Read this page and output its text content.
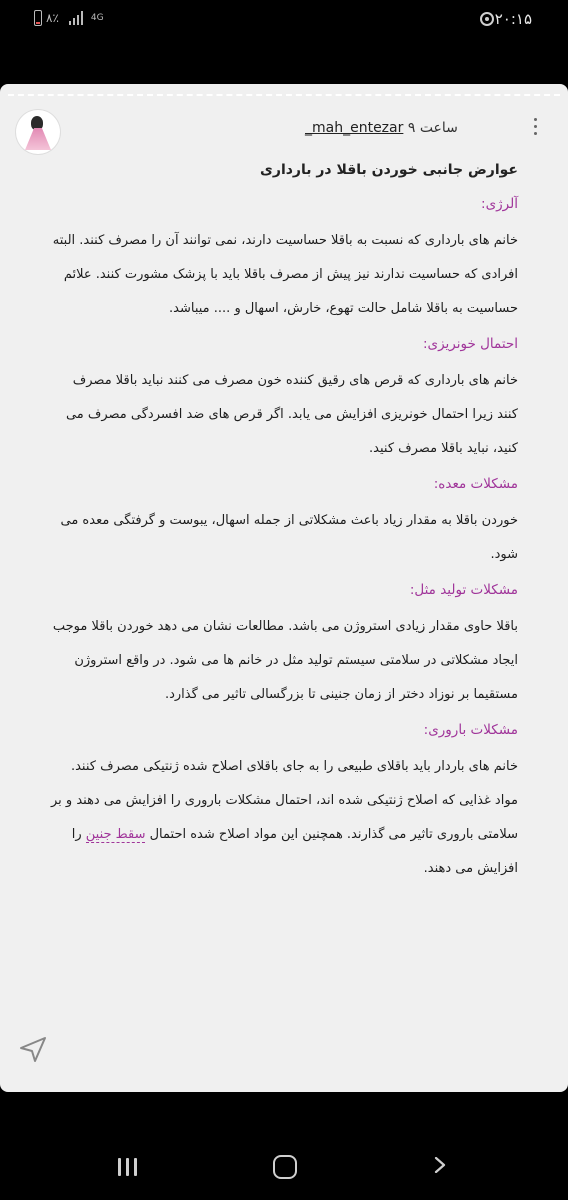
۸٪	4G	۲۰:۱۵
_mah_entezar ۹ ساعت
عوارض جانبی خوردن باقلا در بارداری
آلرژی:
خانم های بارداری که نسبت به باقلا حساسیت دارند، نمی توانند آن را مصرف کنند. البته افرادی که حساسیت ندارند نیز پیش از مصرف باقلا باید با پزشک مشورت کنند. علائم حساسیت به باقلا شامل حالت تهوع، خارش، اسهال و .... میباشد.
احتمال خونریزی:
خانم های بارداری که قرص های رقیق کننده خون مصرف می کنند نباید باقلا مصرف کنند زیرا احتمال خونریزی افزایش می یابد. اگر قرص های ضد افسردگی مصرف می کنید، نباید باقلا مصرف کنید.
مشکلات معده:
خوردن باقلا به مقدار زیاد باعث مشکلاتی از جمله اسهال، یبوست و گرفتگی معده می شود.
مشکلات تولید مثل:
باقلا حاوی مقدار زیادی استروژن می باشد. مطالعات نشان می دهد خوردن باقلا موجب ایجاد مشکلاتی در سلامتی سیستم تولید مثل در خانم ها می شود. در واقع استروژن مستقیما بر نوزاد دختر از زمان جنینی تا بزرگسالی تاثیر می گذارد.
مشکلات باروری:
خانم های باردار باید باقلای طبیعی را به جای باقلای اصلاح شده ژنتیکی مصرف کنند. مواد غذایی که اصلاح ژنتیکی شده اند، احتمال مشکلات باروری را افزایش می دهند و بر سلامتی باروری تاثیر می گذارند. همچنین این مواد اصلاح شده احتمال سقط جنین را افزایش می دهند.
